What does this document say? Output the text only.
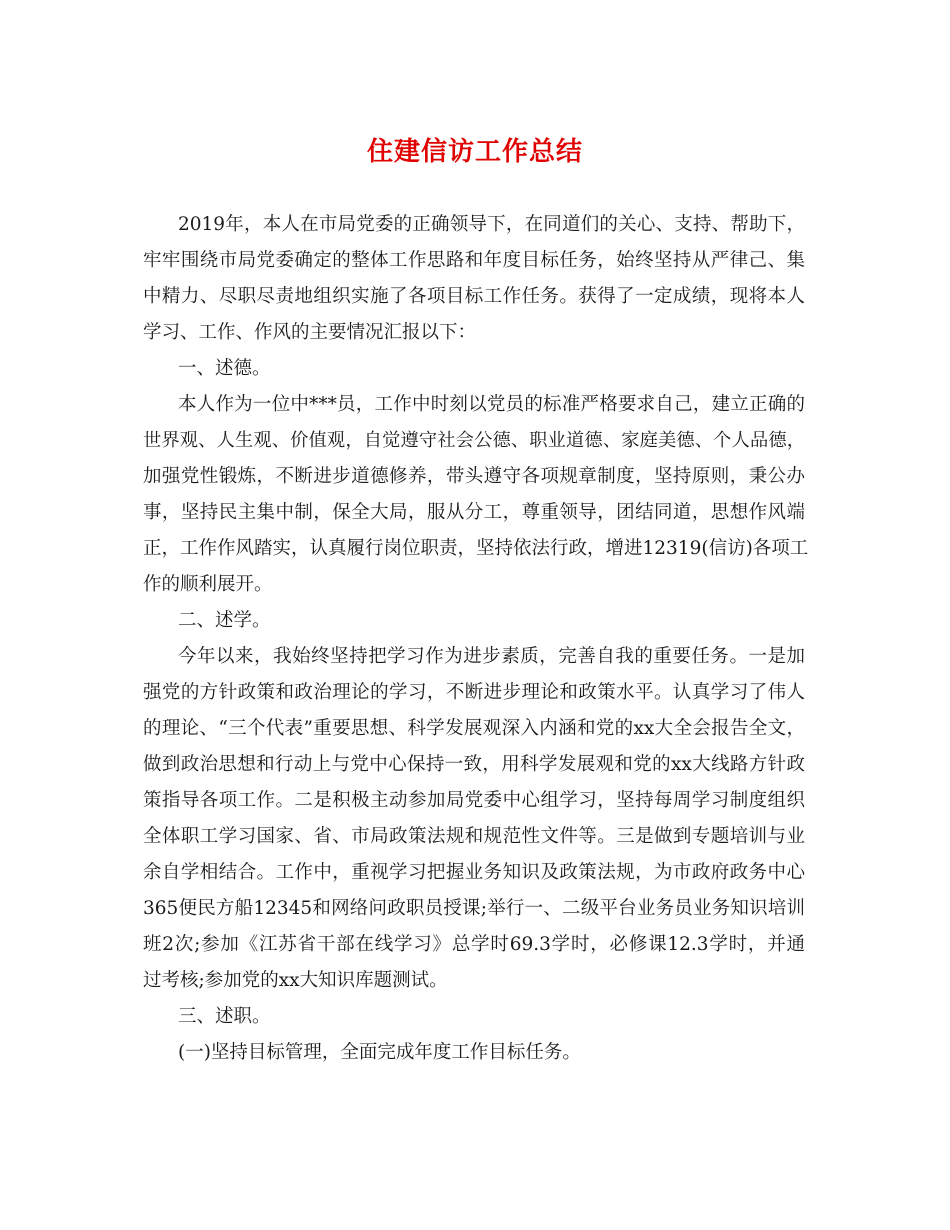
住建信访工作总结
2019年，本人在市局党委的正确领导下，在同道们的关心、支持、帮助下，
牢牢围绕市局党委确定的整体工作思路和年度目标任务，始终坚持从严律己、集
中精力、尽职尽责地组织实施了各项目标工作任务。获得了一定成绩，现将本人
学习、工作、作风的主要情况汇报以下：
一、述德。
本人作为一位中***员，工作中时刻以党员的标准严格要求自己，建立正确的
世界观、人生观、价值观，自觉遵守社会公德、职业道德、家庭美德、个人品德，
加强党性锻炼，不断进步道德修养，带头遵守各项规章制度，坚持原则，秉公办
事，坚持民主集中制，保全大局，服从分工，尊重领导，团结同道，思想作风端
正，工作作风踏实，认真履行岗位职责，坚持依法行政，增进12319(信访)各项工
作的顺利展开。
二、述学。
今年以来，我始终坚持把学习作为进步素质，完善自我的重要任务。一是加
强党的方针政策和政治理论的学习，不断进步理论和政策水平。认真学习了伟人
的理论、“三个代表”重要思想、科学发展观深入内涵和党的xx大全会报告全文，
做到政治思想和行动上与党中心保持一致，用科学发展观和党的xx大线路方针政
策指导各项工作。二是积极主动参加局党委中心组学习，坚持每周学习制度组织
全体职工学习国家、省、市局政策法规和规范性文件等。三是做到专题培训与业
余自学相结合。工作中，重视学习把握业务知识及政策法规，为市政府政务中心
365便民方船12345和网络问政职员授课;举行一、二级平台业务员业务知识培训
班2次;参加《江苏省干部在线学习》总学时69.3学时，必修课12.3学时，并通
过考核;参加党的xx大知识库题测试。
三、述职。
(一)坚持目标管理，全面完成年度工作目标任务。
